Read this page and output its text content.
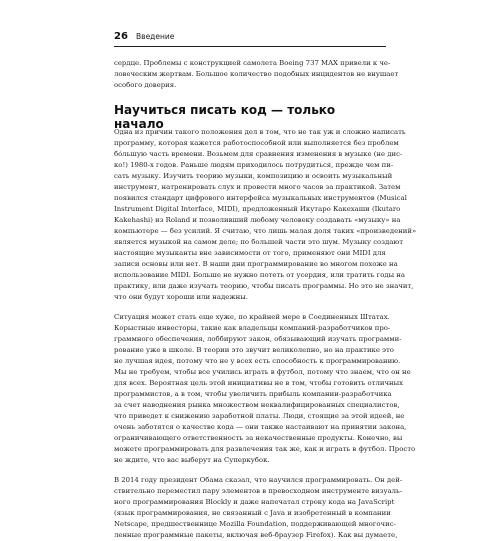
26 Введение
сердце. Проблемы с конструкцией самолета Boeing 737 MAX привели к че-
ловеческим жертвам. Большое количество подобных инцидентов не внушает
особого доверия.
Научиться писать код — только начало
Одна из причин такого положения дел в том, что не так уж и сложно написать
программу, которая кажется работоспособной или выполняется без проблем
бóльшую часть времени. Возьмем для сравнения изменения в музыке (не дис-
ко!) 1980-х годов. Раньше людям приходилось потрудиться, прежде чем пи-
сать музыку. Изучить теорию музыки, композицию и освоить музыкальный
инструмент, натренировать слух и провести много часов за практикой. Затем
появился стандарт цифрового интерфейса музыкальных инструментов (Musical
Instrument Digital Interface, MIDI), предложенный Икутаро Какехаши (Ikutaro
Kakehashi) из Roland и позволивший любому человеку создавать «музыку» на
компьютере — без усилий. Я считаю, что лишь малая доля таких «произведений»
является музыкой на самом деле; по большей части это шум. Музыку создают
настоящие музыканты вне зависимости от того, применяют они MIDI для
записи основы или нет. В наши дни программирование во многом похоже на
использование MIDI. Больше не нужно потеть от усердия, или тратить годы на
практику, или даже изучать теорию, чтобы писать программы. Но это не значит,
что они будут хороши или надежны.
Ситуация может стать еще хуже, по крайней мере в Соединенных Штатах.
Корыстные инвесторы, такие как владельцы компаний-разработчиков про-
граммного обеспечения, лоббируют закон, обязывающий изучать программи-
рование уже в школе. В теории это звучит великолепно, но на практике это
не лучшая идея, потому что не у всех есть способность к программированию.
Мы не требуем, чтобы все учились играть в футбол, потому что знаем, что он не
для всех. Вероятная цель этой инициативы не в том, чтобы готовить отличных
программистов, а в том, чтобы увеличить прибыль компании-разработчика
за счет наводнения рынка множеством неквалифицированных специалистов,
что приведет к снижению заработной платы. Люди, стоящие за этой идеей, не
очень заботятся о качестве кода — они также настаивают на принятии закона,
ограничивающего ответственность за некачественные продукты. Конечно, вы
можете программировать для развлечения так же, как и играть в футбол. Просто
не ждите, что вас выберут на Суперкубок.
В 2014 году президент Обама сказал, что научился программировать. Он дей-
ствительно переместил пару элементов в превосходном инструменте визуаль-
ного программирования Blockly и даже напечатал строку кода на JavaScript
(язык программирования, не связанный с Java и изобретенный в компании
Netscape, предшественнице Mozilla Foundation, поддерживающей многочис-
ленные программные пакеты, включая веб-браузер Firefox). Как вы думаете,
